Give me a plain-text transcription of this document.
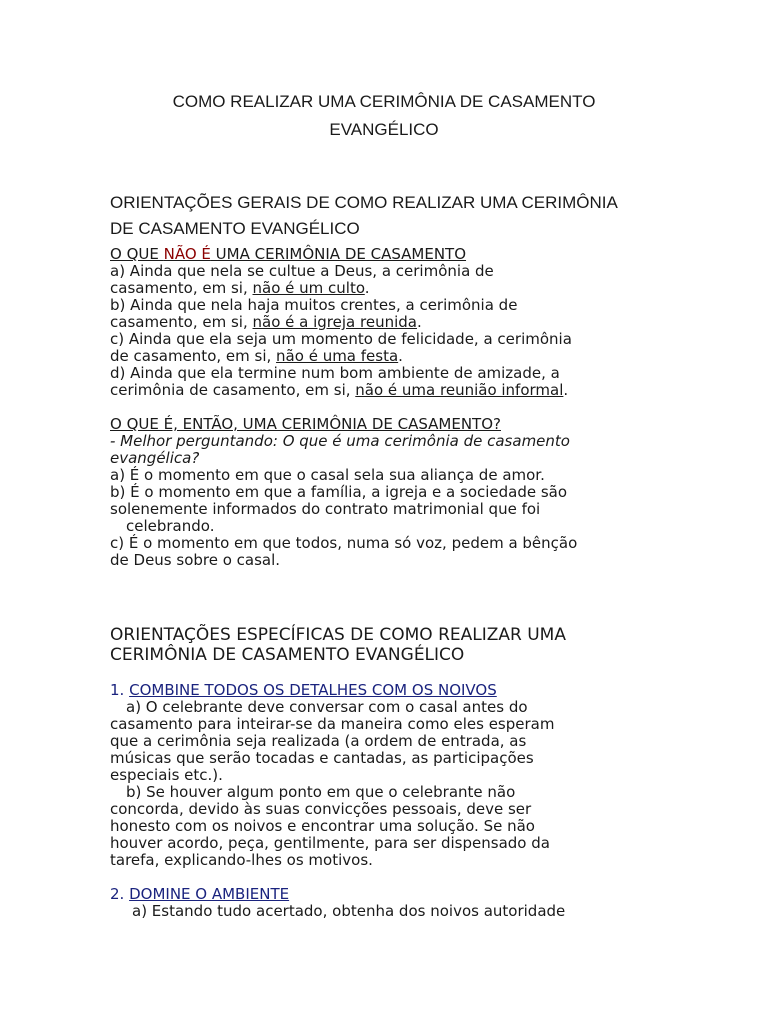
COMO REALIZAR UMA CERIMÔNIA DE CASAMENTO
EVANGÉLICO
ORIENTAÇÕES GERAIS DE COMO REALIZAR UMA CERIMÔNIA
DE CASAMENTO EVANGÉLICO

O QUE NÃO É UMA CERIMÔNIA DE CASAMENTO

a) Ainda que nela se cultue a Deus, a cerimônia de

casamento, em si, não é um culto.

b) Ainda que nela haja muitos crentes, a cerimônia de

casamento, em si, não é a igreja reunida.

c) Ainda que ela seja um momento de felicidade, a cerimônia

de casamento, em si, não é uma festa.

d) Ainda que ela termine num bom ambiente de amizade, a

cerimônia de casamento, em si, não é uma reunião informal.

O QUE É, ENTÃO, UMA CERIMÔNIA DE CASAMENTO?

- Melhor perguntando: O que é uma cerimônia de casamento

evangélica?

a) É o momento em que o casal sela sua aliança de amor.

b) É o momento em que a família, a igreja e a sociedade são

solenemente informados do contrato matrimonial que foi

celebrando.

c) É o momento em que todos, numa só voz, pedem a bênção

de Deus sobre o casal.

ORIENTAÇÕES ESPECÍFICAS DE COMO REALIZAR UMA
CERIMÔNIA DE CASAMENTO EVANGÉLICO

1. COMBINE TODOS OS DETALHES COM OS NOIVOS

a) O celebrante deve conversar com o casal antes do

casamento para inteirar-se da maneira como eles esperam

que a cerimônia seja realizada (a ordem de entrada, as

músicas que serão tocadas e cantadas, as participações

especiais etc.).

b) Se houver algum ponto em que o celebrante não

concorda, devido às suas convicções pessoais, deve ser

honesto com os noivos e encontrar uma solução. Se não

houver acordo, peça, gentilmente, para ser dispensado da

tarefa, explicando-lhes os motivos.

2. DOMINE O AMBIENTE

a) Estando tudo acertado, obtenha dos noivos autoridade
